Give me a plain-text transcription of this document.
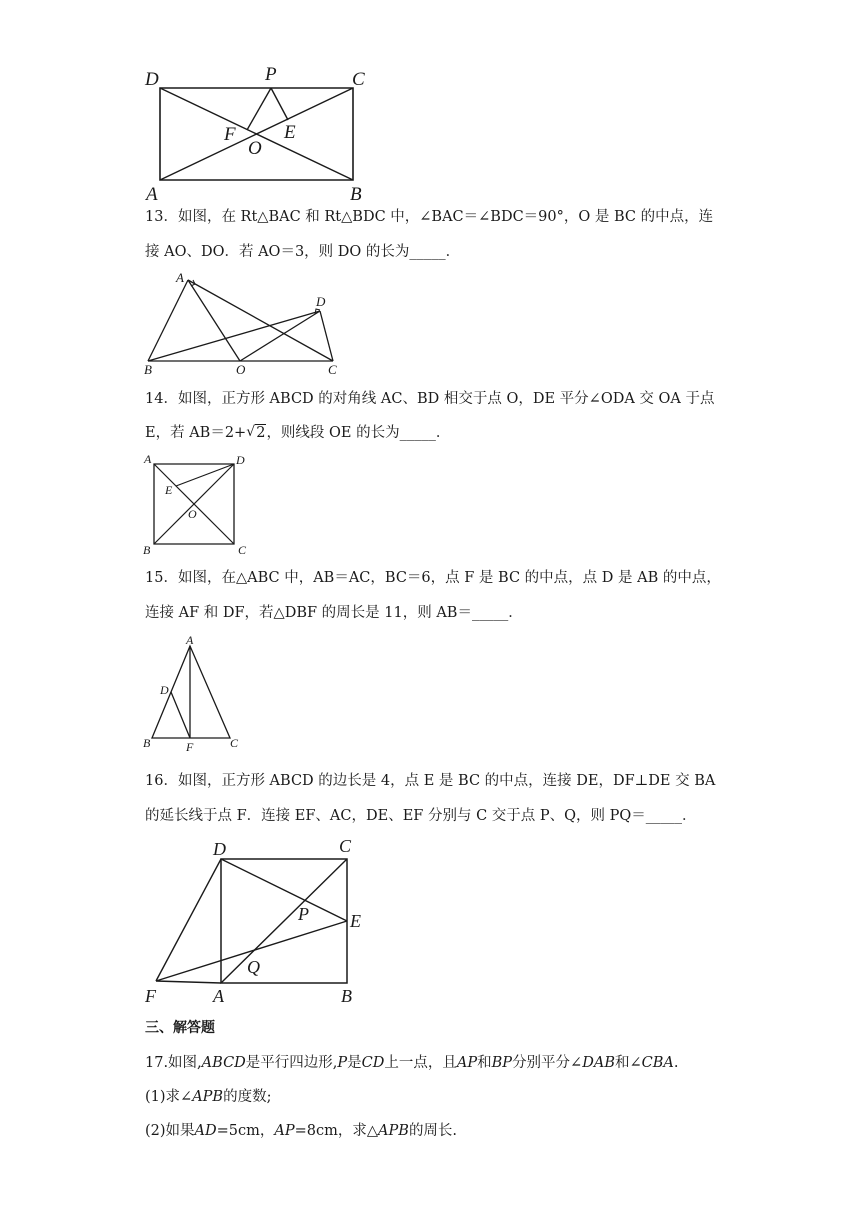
D	P	C
F	E
O
A	B
13．如图，在 Rt△BAC 和 Rt△BDC 中，∠BAC＝∠BDC＝90°，O 是 BC 的中点，连
接 AO、DO．若 AO＝3，则 DO 的长为_____．
A
D
B	O	C
14．如图，正方形 ABCD 的对角线 AC、BD 相交于点 O，DE 平分∠ODA 交 OA 于点
E，若 AB＝2+√ 2，则线段 OE 的长为_____．
A	D
E
O
B	C
15．如图，在△ABC 中，AB＝AC，BC＝6，点 F 是 BC 的中点，点 D 是 AB 的中点，
连接 AF 和 DF，若△DBF 的周长是 11，则 AB＝_____．
A
D
B	F	C
16．如图，正方形 ABCD 的边长是 4，点 E 是 BC 的中点，连接 DE，DF⊥DE 交 BA
的延长线于点 F．连接 EF、AC，DE、EF 分别与 C 交于点 P、Q，则 PQ＝_____．
D	C
P E
Q
F	A	B
三、解答题
17.如图,ABCD是平行四边形,P是CD上一点，且AP和BP分别平分∠DAB和∠CBA.
(1)求∠APB的度数;
(2)如果AD=5cm，AP=8cm，求△APB的周长.
